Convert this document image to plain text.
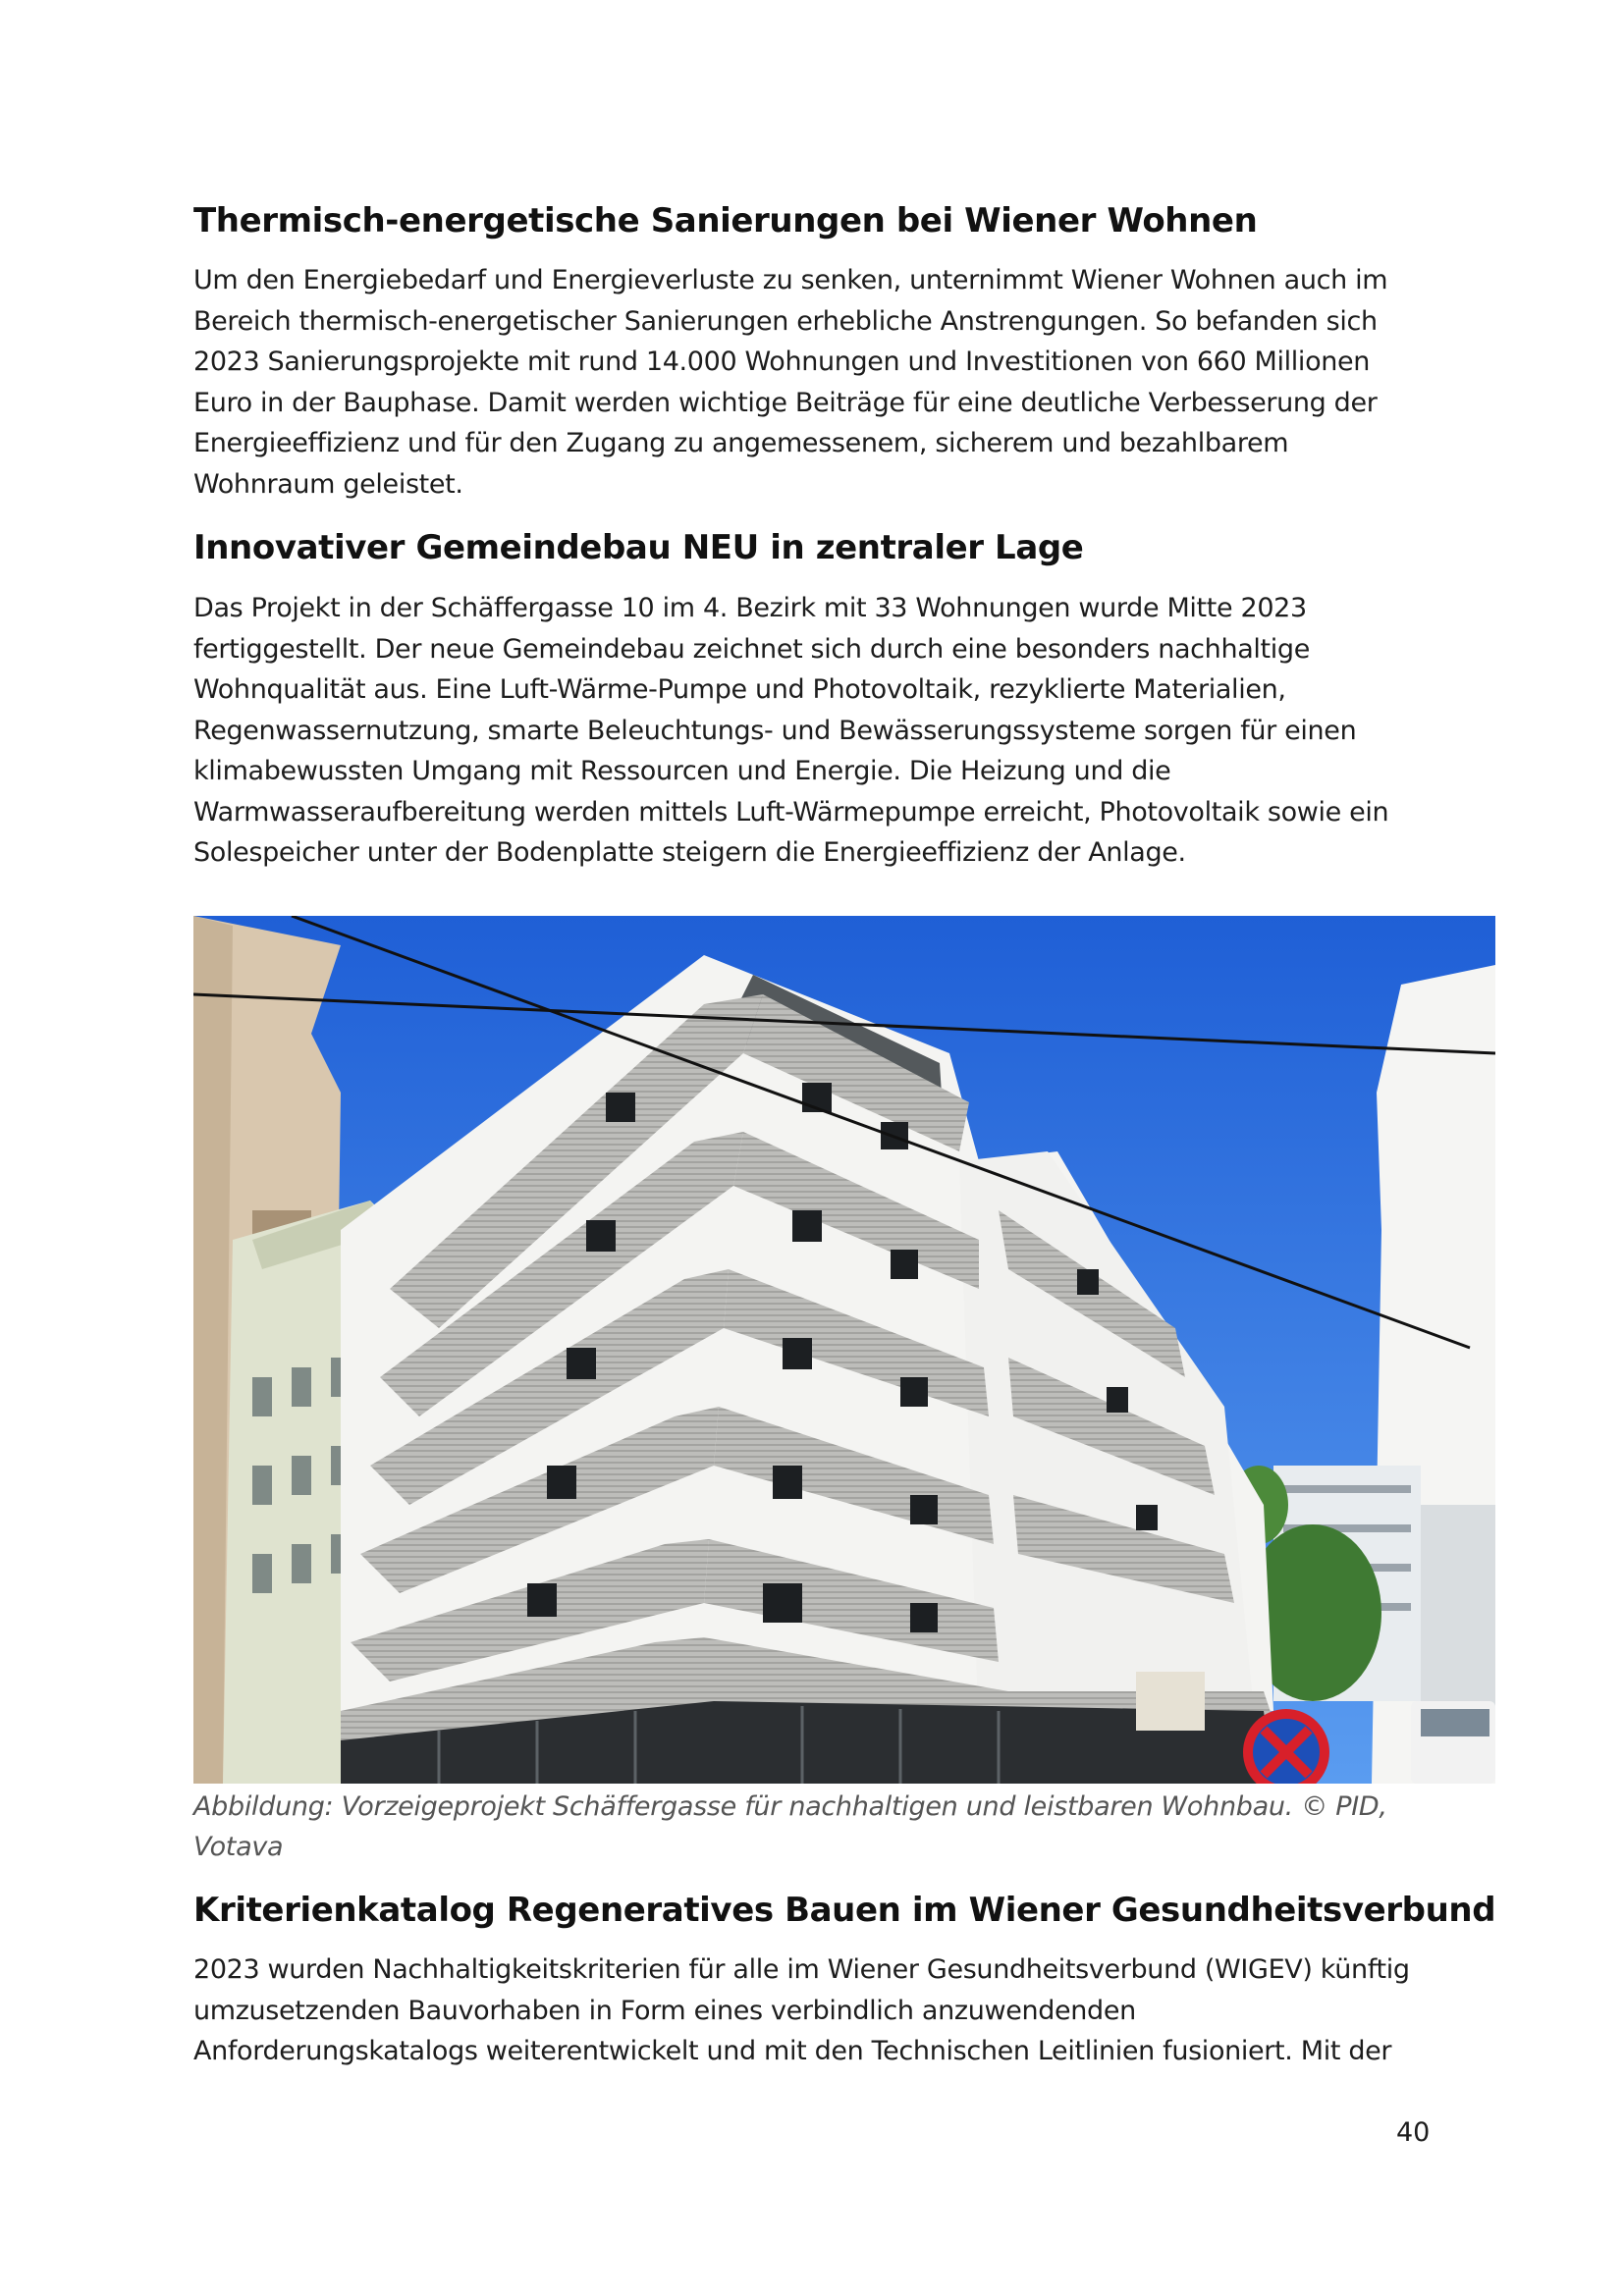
Thermisch-energetische Sanierungen bei Wiener Wohnen
Um den Energiebedarf und Energieverluste zu senken, unternimmt Wiener Wohnen auch im
Bereich thermisch-energetischer Sanierungen erhebliche Anstrengungen. So befanden sich
2023 Sanierungsprojekte mit rund 14.000 Wohnungen und Investitionen von 660 Millionen
Euro in der Bauphase. Damit werden wichtige Beiträge für eine deutliche Verbesserung der
Energieeffizienz und für den Zugang zu angemessenem, sicherem und bezahlbarem
Wohnraum geleistet.
Innovativer Gemeindebau NEU in zentraler Lage
Das Projekt in der Schäffergasse 10 im 4. Bezirk mit 33 Wohnungen wurde Mitte 2023
fertiggestellt. Der neue Gemeindebau zeichnet sich durch eine besonders nachhaltige
Wohnqualität aus. Eine Luft-Wärme-Pumpe und Photovoltaik, rezyklierte Materialien,
Regenwassernutzung, smarte Beleuchtungs- und Bewässerungssysteme sorgen für einen
klimabewussten Umgang mit Ressourcen und Energie. Die Heizung und die
Warmwasseraufbereitung werden mittels Luft-Wärmepumpe erreicht, Photovoltaik sowie ein
Solespeicher unter der Bodenplatte steigern die Energieeffizienz der Anlage.
Abbildung: Vorzeigeprojekt Schäffergasse für nachhaltigen und leistbaren Wohnbau. © PID,
Votava
Kriterienkatalog Regeneratives Bauen im Wiener Gesundheitsverbund
2023 wurden Nachhaltigkeitskriterien für alle im Wiener Gesundheitsverbund (WIGEV) künftig
umzusetzenden Bauvorhaben in Form eines verbindlich anzuwendenden
Anforderungskatalogs weiterentwickelt und mit den Technischen Leitlinien fusioniert. Mit der
40
